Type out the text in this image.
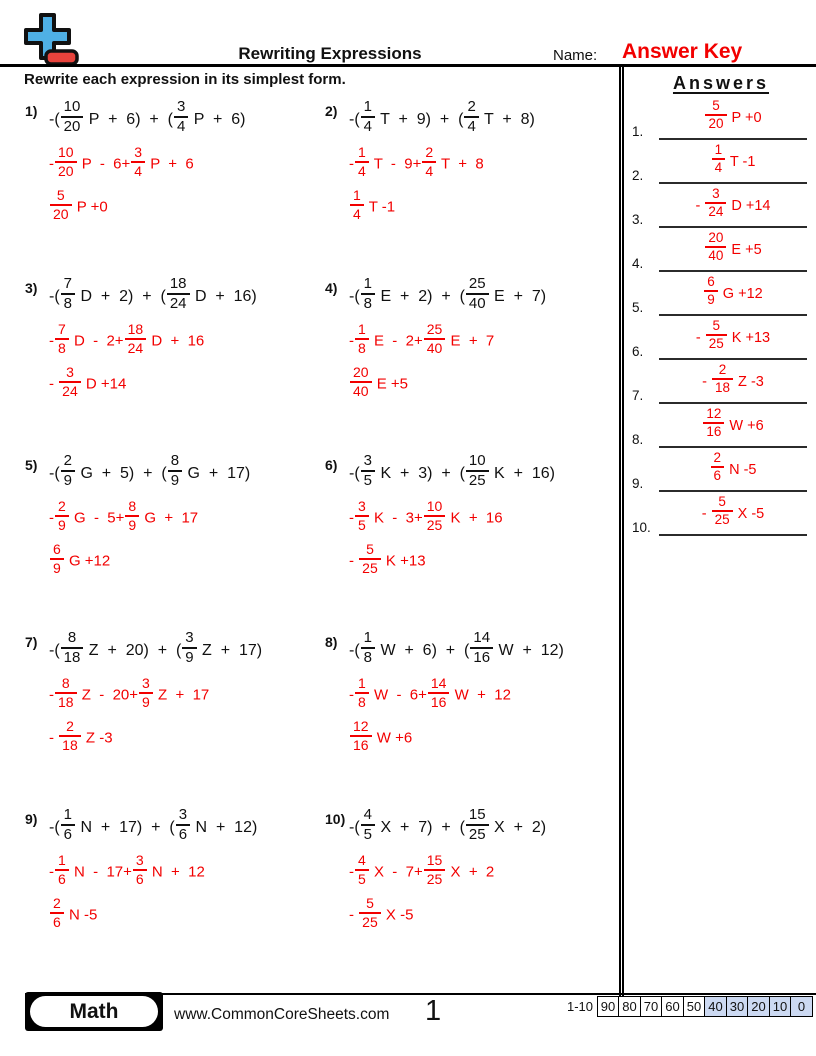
Rewriting Expressions	Name: Answer Key
Rewrite each expression in its simplest form.
1) -( $\frac{10}{20}$ P  +  6)  +  ( $\frac{3}{4}$ P  +  6)
- $\frac{10}{20}$ $P - 6+ \frac{3}{4}$ P  +  6
$\frac{5}{20}$ P +0
2) -( $\frac{1}{4}$ T  +  9)  +  ( $\frac{2}{4}$ T  +  8)
- $\frac{1}{4}$ $T - 9+ \frac{2}{4}$ T  +  8
$\frac{1}{4}$ T -1
3) -( $\frac{7}{8}$ D  +  2)  +  ( $\frac{18}{24}$ D  +  16)
- $\frac{7}{8}$ $D - 2+ \frac{18}{24}$ D  +  16
- $\frac{3}{24}$ D +14
4) -( $\frac{1}{8}$ E  +  2)  +  ( $\frac{25}{40}$ E  +  7)
- $\frac{1}{8}$ $E - 2+ \frac{25}{40}$ E  +  7
$\frac{20}{40}$ E +5
5) -( $\frac{2}{9}$ G  +  5)  +  ( $\frac{8}{9}$ G  +  17)
- $\frac{2}{9}$ $G - 5+ \frac{8}{9}$ G  +  17
$\frac{6}{9}$ G +12
6) -( $\frac{3}{5}$ K  +  3)  +  ( $\frac{10}{25}$ K  +  16)
- $\frac{3}{5}$ $K - 3+ \frac{10}{25}$ K  +  16
- $\frac{5}{25}$ K +13
7) -( $\frac{8}{18}$ Z  +  20)  +  ( $\frac{3}{9}$ Z  +  17)
- $\frac{8}{18}$ $Z - 20+ \frac{3}{9}$ Z  +  17
- $\frac{2}{18}$ Z -3
8) -( $\frac{1}{8}$ W  +  6)  +  ( $\frac{14}{16}$ W  +  12)
- $\frac{1}{8}$ $W - 6+ \frac{14}{16}$ W  +  12
$\frac{12}{16}$ W +6
9) -( $\frac{1}{6}$ N  +  17)  +  ( $\frac{3}{6}$ N  +  12)
- $\frac{1}{6}$ $N - 17+ \frac{3}{6}$ N  +  12
$\frac{2}{6}$ N -5
10) -( $\frac{4}{5}$ X  +  7)  +  ( $\frac{15}{25}$ X  +  2)
- $\frac{4}{5}$ $X - 7+ \frac{15}{25}$ X  +  2
- $\frac{5}{25}$ X -5
Answers
1.	$\frac{5}{20}$ P +0
2.	$\frac{1}{4}$ T -1
3.
- $\frac{3}{24}$ D +14
4.	$\frac{20}{40}$ E +5
5.	$\frac{6}{9}$ G +12
6.
- $\frac{5}{25}$ K +13
7.
- $\frac{2}{18}$ Z -3
8.	$\frac{12}{16}$ W +6
9.	$\frac{2}{6}$ N -5
10.
- $\frac{5}{25}$ X -5
Math	www.CommonCoreSheets.com 1	1-10 90 80 70 60 50 40 30 20 10 0
